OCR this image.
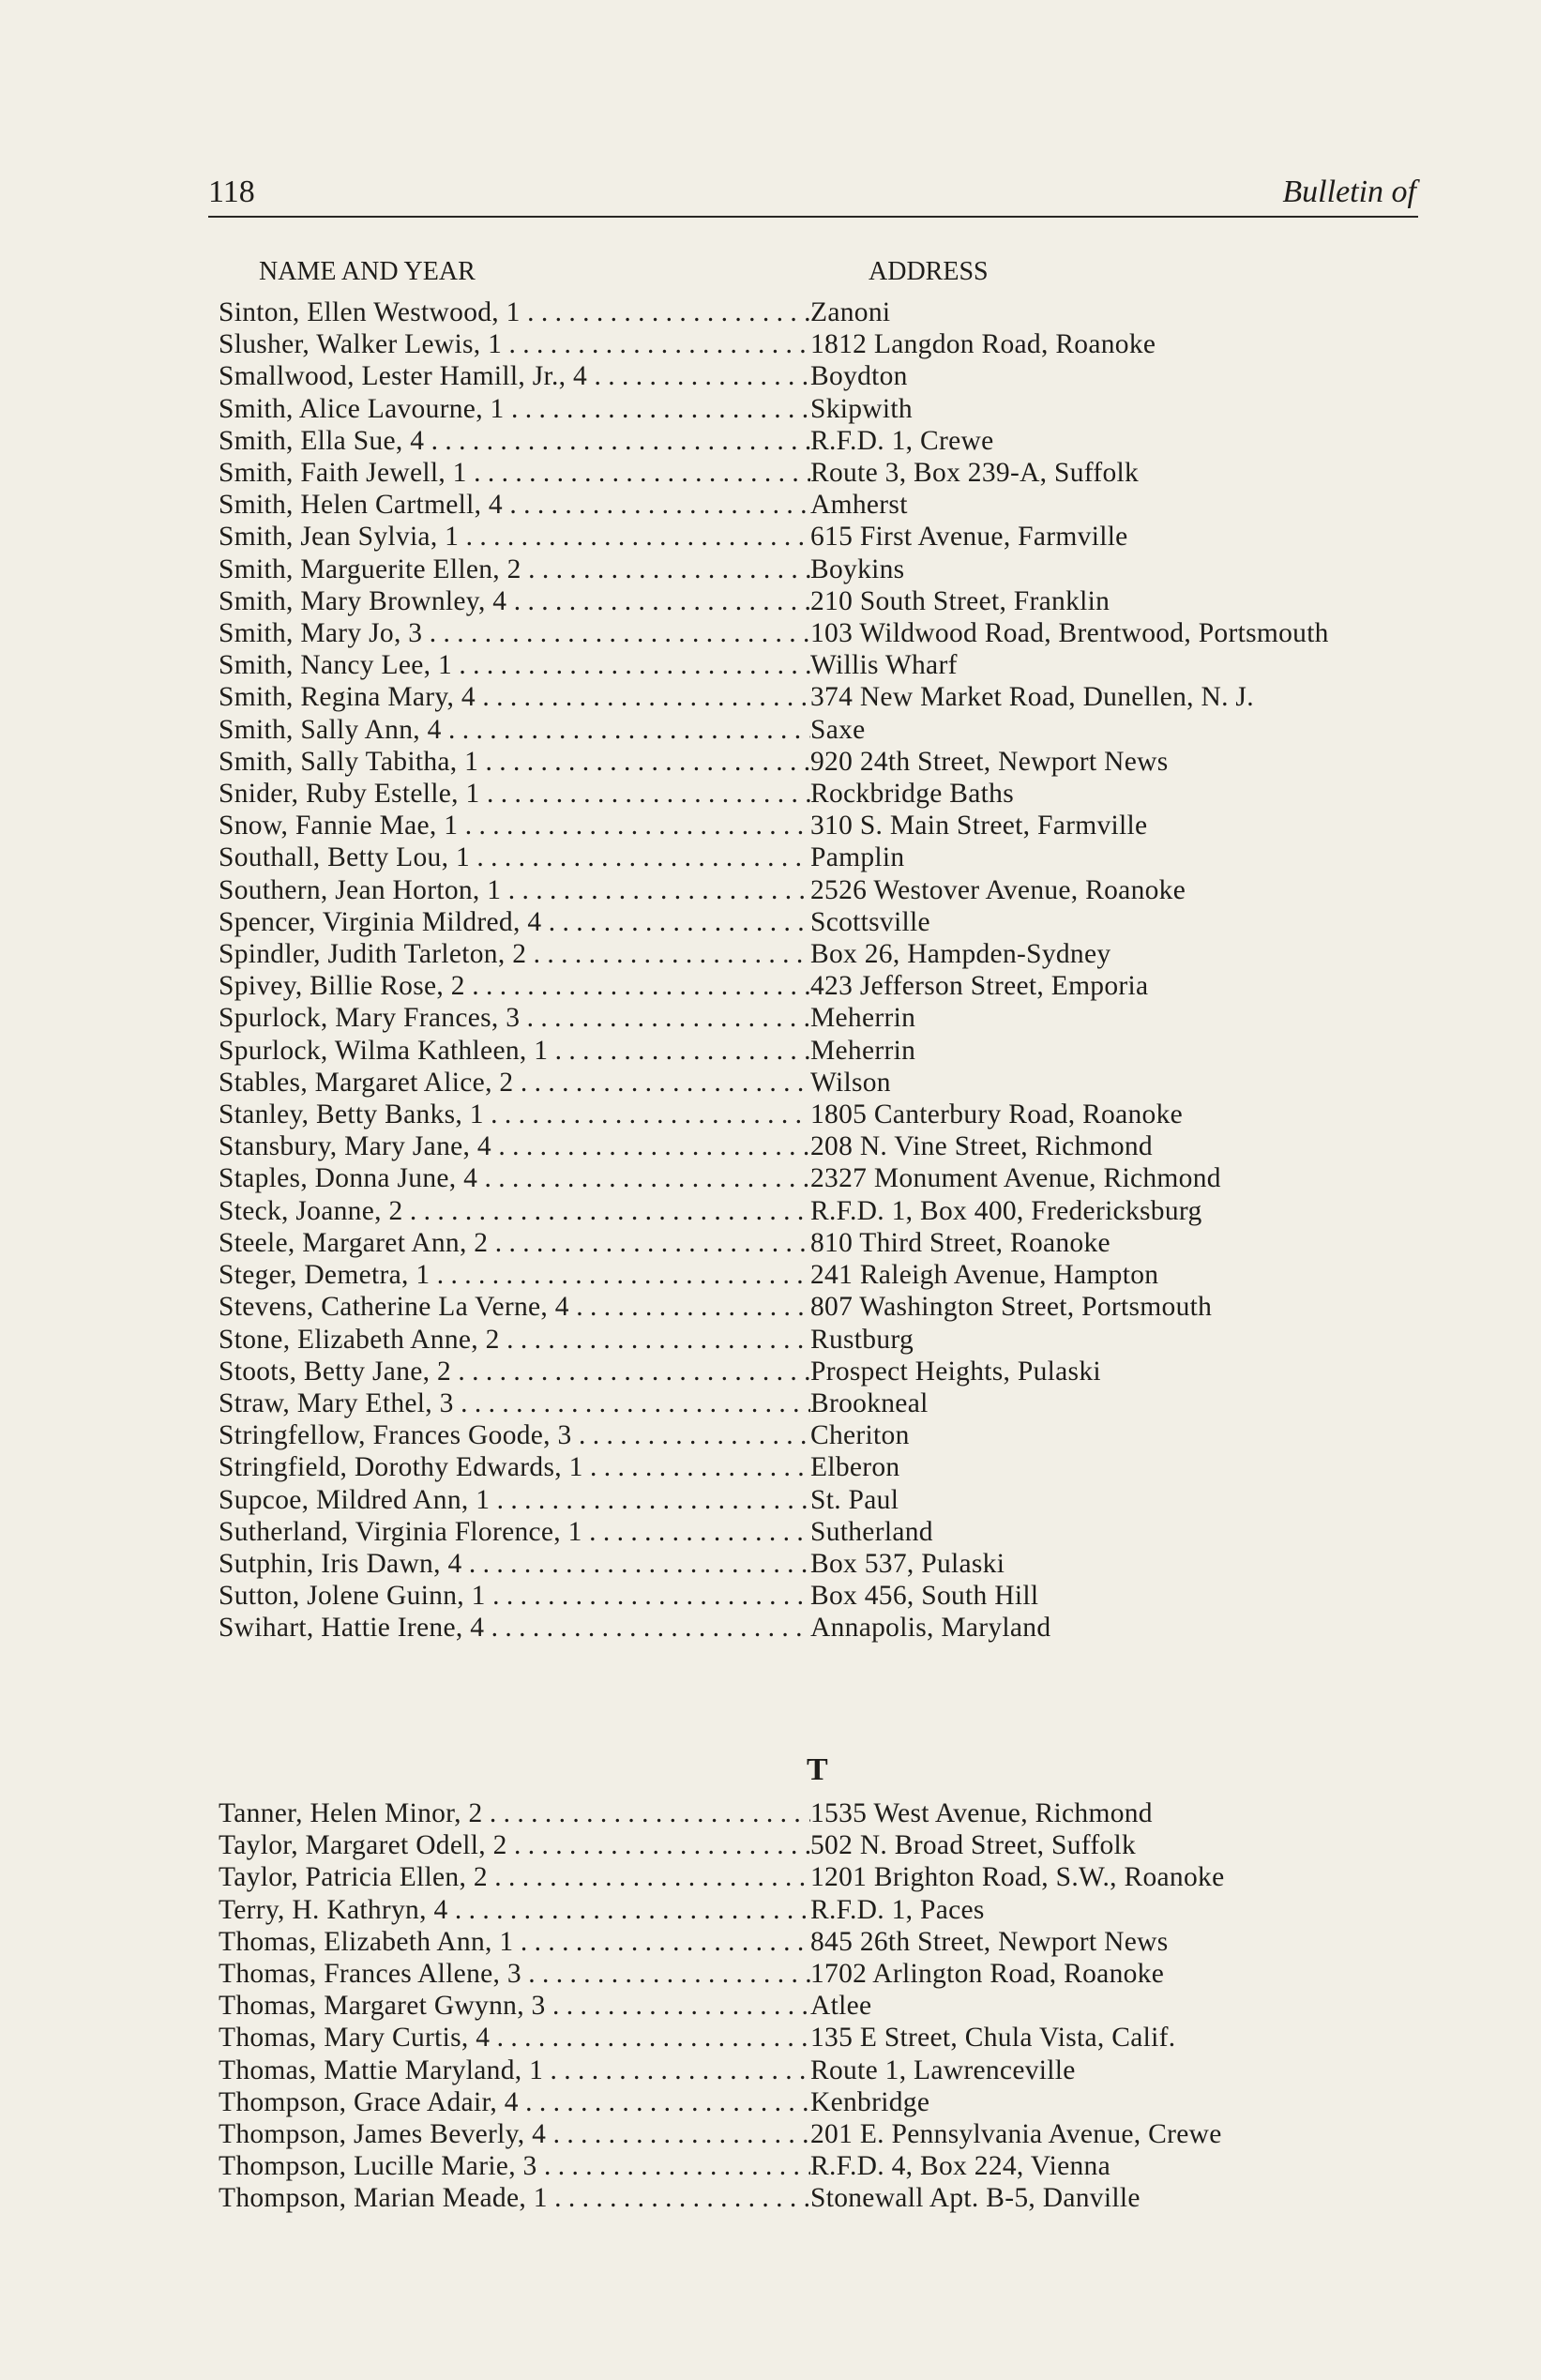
118	Bulletin of
NAME AND YEAR	ADDRESS
Sinton, Ellen Westwood, 1 . . .	Zanoni
Slusher, Walker Lewis, 1 . . .	1812 Langdon Road, Roanoke
Smallwood, Lester Hamill, Jr., 4 . . .	Boydton
Smith, Alice Lavourne, 1 . . .	Skipwith
Smith, Ella Sue, 4 . . .	R.F.D. 1, Crewe
Smith, Faith Jewell, 1 . . .	Route 3, Box 239-A, Suffolk
Smith, Helen Cartmell, 4 . . .	Amherst
Smith, Jean Sylvia, 1 . . .	615 First Avenue, Farmville
Smith, Marguerite Ellen, 2 . . .	Boykins
Smith, Mary Brownley, 4 . . .	210 South Street, Franklin
Smith, Mary Jo, 3 . . .	103 Wildwood Road, Brentwood, Portsmouth
Smith, Nancy Lee, 1 . . .	Willis Wharf
Smith, Regina Mary, 4 . . .	374 New Market Road, Dunellen, N. J.
Smith, Sally Ann, 4 . . .	Saxe
Smith, Sally Tabitha, 1 . . .	920 24th Street, Newport News
Snider, Ruby Estelle, 1 . . .	Rockbridge Baths
Snow, Fannie Mae, 1 . . .	310 S. Main Street, Farmville
Southall, Betty Lou, 1 . . .	Pamplin
Southern, Jean Horton, 1 . . .	2526 Westover Avenue, Roanoke
Spencer, Virginia Mildred, 4 . . .	Scottsville
Spindler, Judith Tarleton, 2 . . .	Box 26, Hampden-Sydney
Spivey, Billie Rose, 2 . . .	423 Jefferson Street, Emporia
Spurlock, Mary Frances, 3 . . .	Meherrin
Spurlock, Wilma Kathleen, 1 . . .	Meherrin
Stables, Margaret Alice, 2 . . .	Wilson
Stanley, Betty Banks, 1 . . .	1805 Canterbury Road, Roanoke
Stansbury, Mary Jane, 4 . . .	208 N. Vine Street, Richmond
Staples, Donna June, 4 . . .	2327 Monument Avenue, Richmond
Steck, Joanne, 2 . . .	R.F.D. 1, Box 400, Fredericksburg
Steele, Margaret Ann, 2 . . .	810 Third Street, Roanoke
Steger, Demetra, 1 . . .	241 Raleigh Avenue, Hampton
Stevens, Catherine La Verne, 4 . . .	807 Washington Street, Portsmouth
Stone, Elizabeth Anne, 2 . . .	Rustburg
Stoots, Betty Jane, 2 . . .	Prospect Heights, Pulaski
Straw, Mary Ethel, 3 . . .	Brookneal
Stringfellow, Frances Goode, 3 . . .	Cheriton
Stringfield, Dorothy Edwards, 1 . . .	Elberon
Supcoe, Mildred Ann, 1 . . .	St. Paul
Sutherland, Virginia Florence, 1 . . .	Sutherland
Sutphin, Iris Dawn, 4 . . .	Box 537, Pulaski
Sutton, Jolene Guinn, 1 . . .	Box 456, South Hill
Swihart, Hattie Irene, 4 . . .	Annapolis, Maryland
T
Tanner, Helen Minor, 2 . . .	1535 West Avenue, Richmond
Taylor, Margaret Odell, 2 . . .	502 N. Broad Street, Suffolk
Taylor, Patricia Ellen, 2 . . .	1201 Brighton Road, S.W., Roanoke
Terry, H. Kathryn, 4 . . .	R.F.D. 1, Paces
Thomas, Elizabeth Ann, 1 . . .	845 26th Street, Newport News
Thomas, Frances Allene, 3 . . .	1702 Arlington Road, Roanoke
Thomas, Margaret Gwynn, 3 . . .	Atlee
Thomas, Mary Curtis, 4 . . .	135 E Street, Chula Vista, Calif.
Thomas, Mattie Maryland, 1 . . .	Route 1, Lawrenceville
Thompson, Grace Adair, 4 . . .	Kenbridge
Thompson, James Beverly, 4 . . .	201 E. Pennsylvania Avenue, Crewe
Thompson, Lucille Marie, 3 . . .	R.F.D. 4, Box 224, Vienna
Thompson, Marian Meade, 1 . . .	Stonewall Apt. B-5, Danville
